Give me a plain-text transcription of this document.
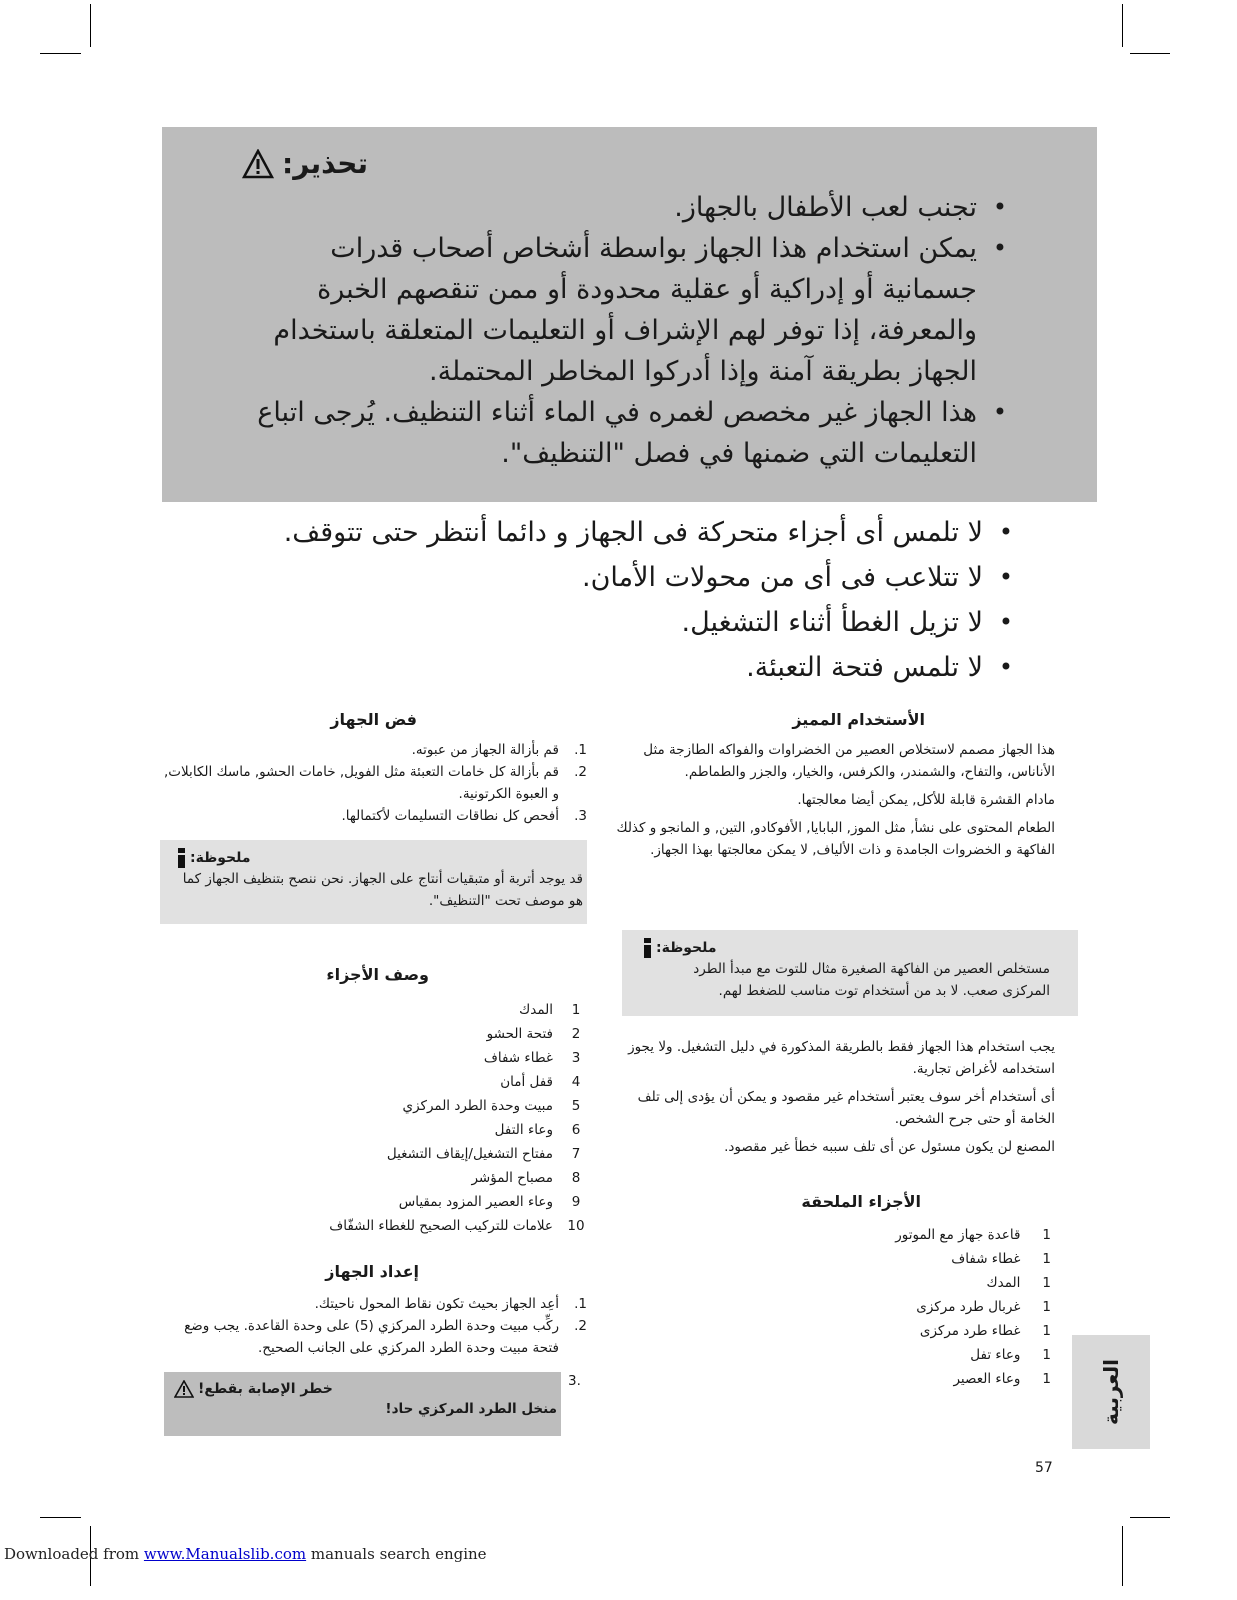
تحذير:
• تجنب لعب الأطفال بالجهاز.
• يمكن استخدام هذا الجهاز بواسطة أشخاص أصحاب قدرات جسمانية أو إدراكية أو عقلية محدودة أو ممن تنقصهم الخبرة والمعرفة، إذا توفر لهم الإشراف أو التعليمات المتعلقة باستخدام الجهاز بطريقة آمنة وإذا أدركوا المخاطر المحتملة.
• هذا الجهاز غير مخصص لغمره في الماء أثناء التنظيف. يُرجى اتباع التعليمات التي ضمنها في فصل "التنظيف".
• لا تلمس أى أجزاء متحركة فى الجهاز و دائما أنتظر حتى تتوقف.
• لا تتلاعب فى أى من محولات الأمان.
• لا تزيل الغطأ أثناء التشغيل.
• لا تلمس فتحة التعبئة.
الأستخدام المميز
هذا الجهاز مصمم لاستخلاص العصير من الخضراوات والفواكه الطازجة مثل الأناناس، والتفاح، والشمندر، والكرفس، والخيار، والجزر والطماطم.
مادام القشرة قابلة للأكل, يمكن أيضا معالجتها.
الطعام المحتوى على نشأ, مثل الموز, البابايا, الأفوكادو, التين, و المانجو و كذلك الفاكهة و الخضروات الجامدة و ذات الألياف, لا يمكن معالجتها بهذا الجهاز.
ملحوظة:
مستخلص العصير من الفاكهة الصغيرة مثال للتوت مع مبدأ الطرد المركزى صعب. لا بد من أستخدام توت مناسب للضغط لهم.
يجب استخدام هذا الجهاز فقط بالطريقة المذكورة في دليل التشغيل. ولا يجوز استخدامه لأغراض تجارية.
أى أستخدام أخر سوف يعتبر أستخدام غير مقصود و يمكن أن يؤدى إلى تلف الخامة أو حتى جرح الشخص.
المصنع لن يكون مسئول عن أى تلف سببه خطأ غير مقصود.
الأجزاء الملحقة
1
قاعدة جهاز مع الموتور
1
غطاء شفاف
1
المدك
1
غربال طرد مركزى
1
غطاء طرد مركزى
1
وعاء تفل
1
وعاء العصير
فض الجهاز
1.
قم بأزالة الجهاز من عبوته.
2.
قم بأزالة كل خامات التعبئة مثل الفويل, خامات الحشو, ماسك الكابلات, و العبوة الكرتونية.
3.
أفحص كل نطاقات التسليمات لأكتمالها.
ملحوظة:
قد يوجد أتربة أو متبقيات أنتاج على الجهاز. نحن ننصح بتنظيف الجهاز كما هو موصف تحت "التنظيف".
وصف الأجزاء
1
المدك
2
فتحة الحشو
3
غطاء شفاف
4
قفل أمان
5
مبيت وحدة الطرد المركزي
6
وعاء التفل
7
مفتاح التشغيل/إيقاف التشغيل
8
مصباح المؤشر
9
وعاء العصير المزود بمقياس
10
علامات للتركيب الصحيح للغطاء الشفّاف
إعداد الجهاز
1.
أعِد الجهاز بحيث تكون نقاط المحول ناحيتك.
2.
ركِّب مبيت وحدة الطرد المركزي (5) على وحدة القاعدة. يجب وضع فتحة مبيت وحدة الطرد المركزي على الجانب الصحيح.
3.
خطر الإصابة بقطع!
منخل الطرد المركزي حاد!	العربية
57
Downloaded from www.Manualslib.com manuals search engine
